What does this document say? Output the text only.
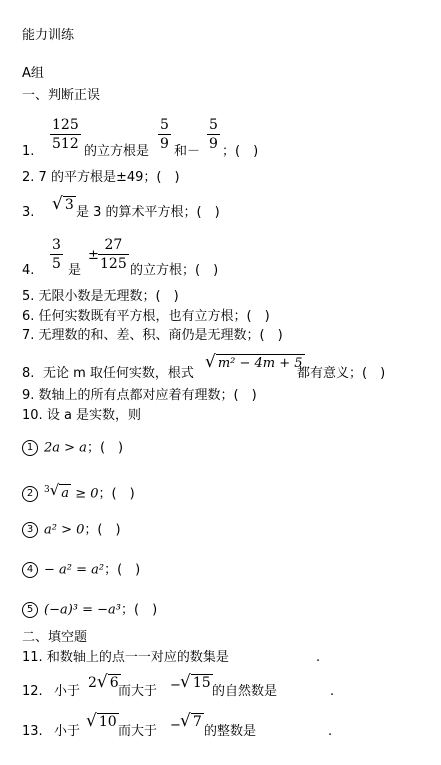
能力训练
A组
一、判断正误
1. $\frac{125}{512}$ 的立方根是 $\frac{5}{9}$ 和－ $\frac{5}{9}$ ；(　)
2. 7 的平方根是±49；(　)
3. √ 3 是 3 的算术平方根；(　)
4. $\frac{3}{5}$ 是
± $\frac{27}{125}$ 的立方根；(　)
5. 无限小数是无理数；(　)
6. 任何实数既有平方根，也有立方根；(　)
7. 无理数的和、差、积、商仍是无理数；(　)
8. 无论 m 取任何实数，根式
√ m² − 4m + 5
都有意义；(　)
9. 数轴上的所有点都对应着有理数；(　)
10. 设 a 是实数，则
1 2a > a；(　)
2 $^3$√ a ≥ 0；(　)
3 a² > 0；(　)
4 − a² = a²；(　)
5 (−a)³ = −a³；(　)
二、填空题
11. 和数轴上的点一一对应的数集是	.
12. 小于
2√ 6
而大于 − √ 15
的自然数是	.
13. 小于
√ 10
而大于 − √ 7
的整数是	.
